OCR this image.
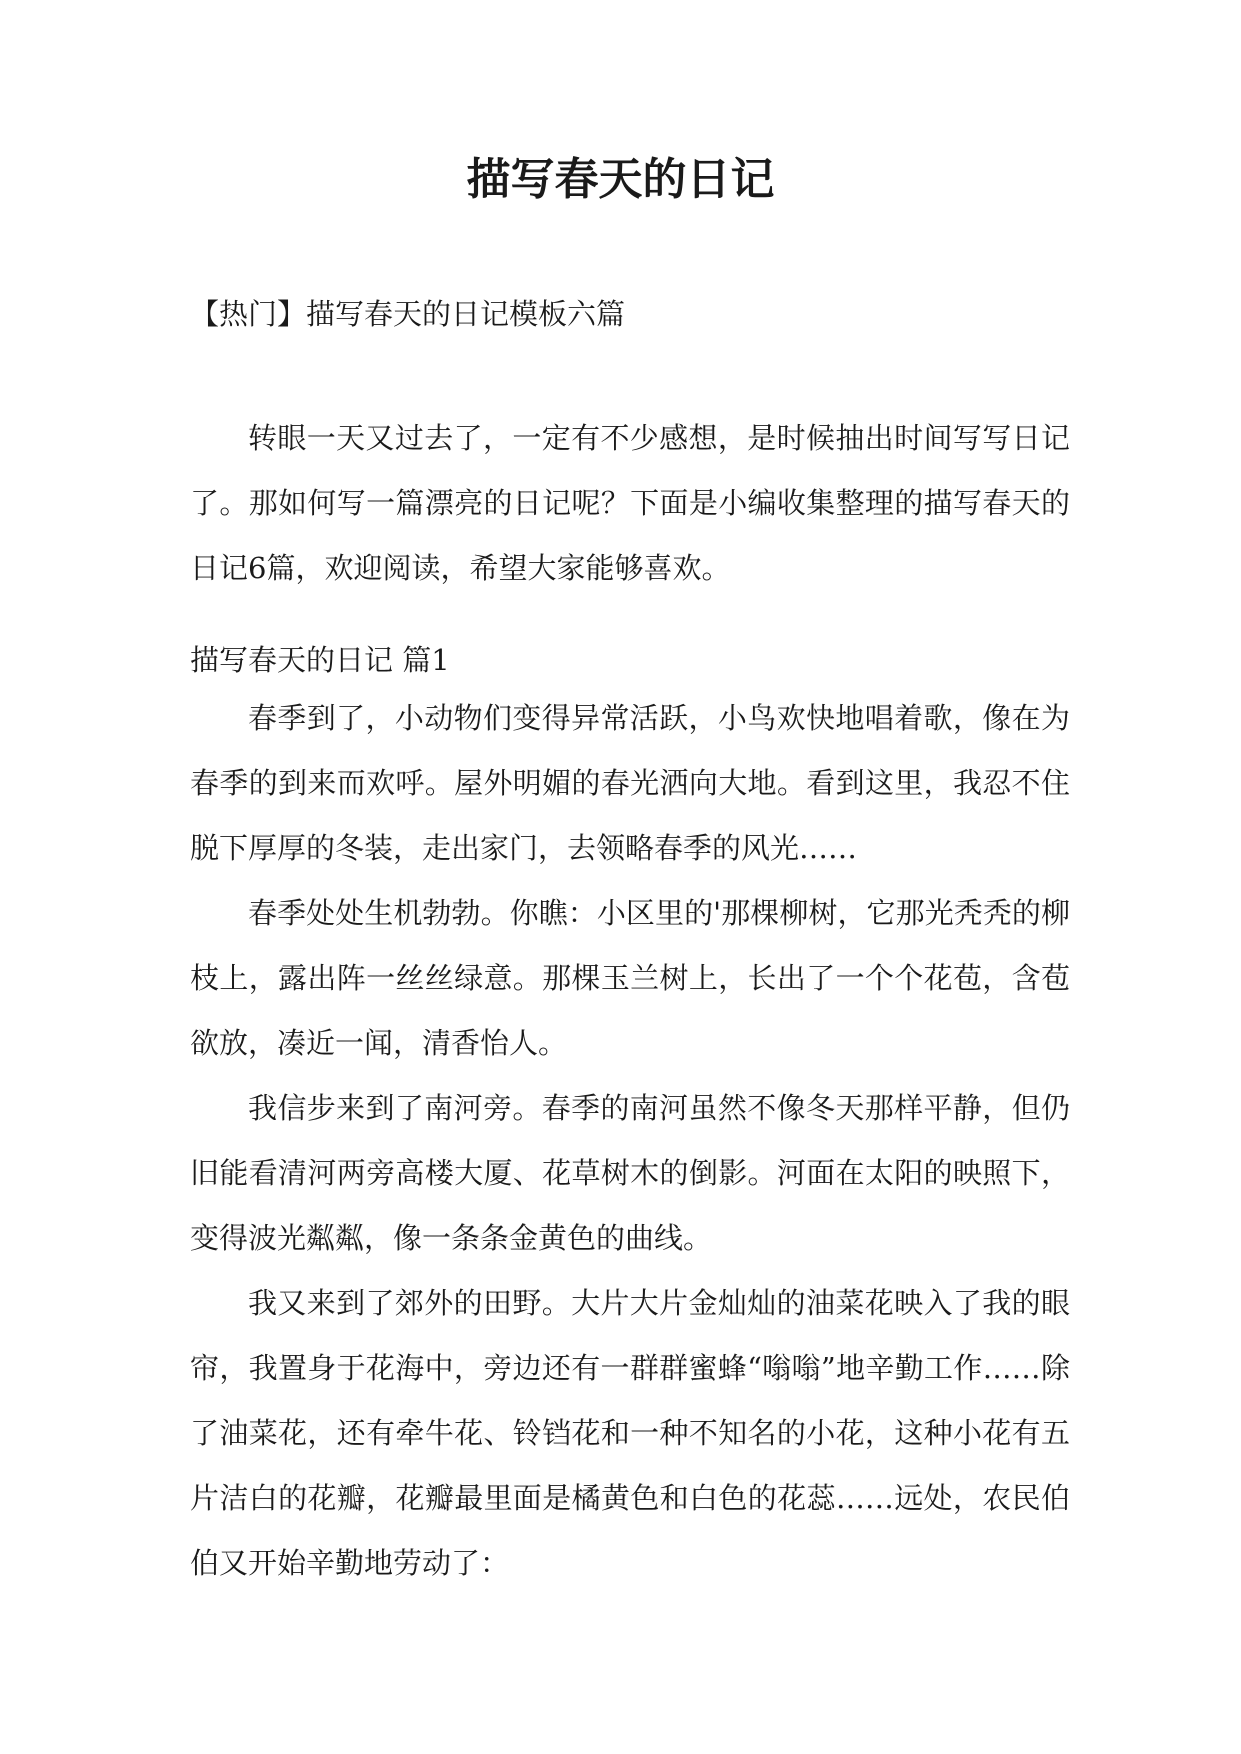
描写春天的日记
【热门】描写春天的日记模板六篇

转眼一天又过去了，一定有不少感想，是时候抽出时间写写日记了。那如何写一篇漂亮的日记呢？下面是小编收集整理的描写春天的日记6篇，欢迎阅读，希望大家能够喜欢。

描写春天的日记 篇1

春季到了，小动物们变得异常活跃，小鸟欢快地唱着歌，像在为春季的到来而欢呼。屋外明媚的春光洒向大地。看到这里，我忍不住脱下厚厚的冬装，走出家门，去领略春季的风光……

春季处处生机勃勃。你瞧：小区里的'那棵柳树，它那光秃秃的柳枝上，露出阵一丝丝绿意。那棵玉兰树上，长出了一个个花苞，含苞欲放，凑近一闻，清香怡人。

我信步来到了南河旁。春季的南河虽然不像冬天那样平静，但仍旧能看清河两旁高楼大厦、花草树木的倒影。河面在太阳的映照下，变得波光粼粼，像一条条金黄色的曲线。

我又来到了郊外的田野。大片大片金灿灿的油菜花映入了我的眼帘，我置身于花海中，旁边还有一群群蜜蜂“嗡嗡”地辛勤工作……除了油菜花，还有牵牛花、铃铛花和一种不知名的小花，这种小花有五片洁白的花瓣，花瓣最里面是橘黄色和白色的花蕊……远处，农民伯伯又开始辛勤地劳动了：
